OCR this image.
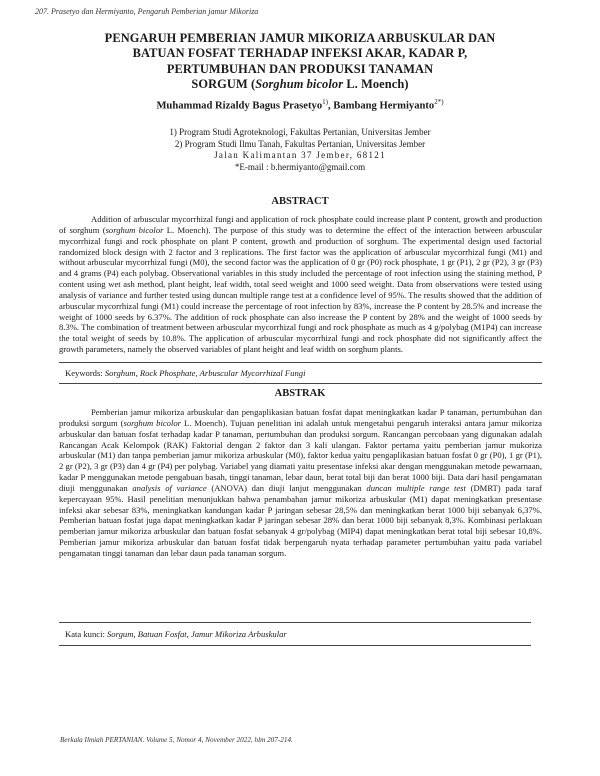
207. Prasetyo dan Hermiyanto, Pengaruh Pemberian jamur Mikoriza
PENGARUH PEMBERIAN JAMUR MIKORIZA ARBUSKULAR DAN
BATUAN FOSFAT TERHADAP INFEKSI AKAR, KADAR P,
PERTUMBUHAN DAN PRODUKSI TANAMAN
SORGUM (Sorghum bicolor L. Moench)
Muhammad Rizaldy Bagus Prasetyo$^{1)}$, Bambang Hermiyanto$^{2*)}$
1) Program Studi Agroteknologi, Fakultas Pertanian, Universitas Jember
2) Program Studi Ilmu Tanah, Fakultas Pertanian, Universitas Jember
Jalan Kalimantan 37 Jember, 68121
*E-mail : b.hermiyanto@gmail.com
ABSTRACT
Addition of arbuscular mycorrhizal fungi and application of rock phosphate could increase plant P content, growth and production of sorghum (sorghum bicolor L. Moench). The purpose of this study was to determine the effect of the interaction between arbuscular mycorrhizal fungi and rock phosphate on plant P content, growth and production of sorghum. The experimental design used factorial randomized block design with 2 factor and 3 replications. The first factor was the application of arbuscular mycorrhizal fungi (M1) and without arbuscular mycorrhizal fungi (M0), the second factor was the application of 0 gr (P0) rock phosphate, 1 gr (P1), 2 gr (P2), 3 gr (P3) and 4 grams (P4) each polybag. Observational variables in this study included the percentage of root infection using the staining method, P content using wet ash method, plant height, leaf width, total seed weight and 1000 seed weight. Data from observations were tested using analysis of variance and further tested using duncan multiple range test at a confidence level of 95%. The results showed that the addition of arbuscular mycorrhizal fungi (M1) could increase the percentage of root infection by 83%, increase the P content by 28.5% and increase the weight of 1000 seeds by 6.37%. The addition of rock phosphate can also increase the P content by 28% and the weight of 1000 seeds by 8.3%. The combination of treatment between arbuscular mycorrhizal fungi and rock phosphate as much as 4 g/polybag (M1P4) can increase the total weight of seeds by 10.8%. The application of arbuscular mycorrhizal fungi and rock phosphate did not significantly affect the growth parameters, namely the observed variables of plant height and leaf width on sorghum plants.
Keywords: Sorghum, Rock Phosphate, Arbuscular Mycorrhizal Fungi
ABSTRAK
Pemberian jamur mikoriza arbuskular dan pengaplikasian batuan fosfat dapat meningkatkan kadar P tanaman, pertumbuhan dan produksi sorgum (sorghum bicolor L. Moench). Tujuan penelitian ini adalah untuk mengetahui pengaruh interaksi antara jamur mikoriza arbuskular dan batuan fosfat terhadap kadar P tanaman, pertumbuhan dan produksi sorgum. Rancangan percobaan yang digunakan adalah Rancangan Acak Kelompok (RAK) Faktorial dengan 2 faktor dan 3 kali ulangan. Faktor pertama yaitu pemberian jamur mukoriza arbuskular (M1) dan tanpa pemberian jamur mikoriza arbuskular (M0), faktor kedua yaitu pengaplikasian batuan fosfat 0 gr (P0), 1 gr (P1), 2 gr (P2), 3 gr (P3) dan 4 gr (P4) per polybag. Variabel yang diamati yaitu presentase infeksi akar dengan menggunakan metode pewarnaan, kadar P menggunakan metode pengabuan basah, tinggi tanaman, lebar daun, berat total biji dan berat 1000 biji. Data dari hasil pengamatan diuji menggunakan analysis of variance (ANOVA) dan diuji lanjut menggunakan duncan multiple range test (DMRT) pada taraf kepercayaan 95%. Hasil penelitian menunjukkan bahwa penambahan jamur mikoriza arbuskular (M1) dapat meningkatkan presentase infeksi akar sebesar 83%, meningkatkan kandungan kadar P jaringan sebesar 28,5% dan meningkatkan berat 1000 biji sebanyak 6,37%. Pemberian batuan fosfat juga dapat meningkatkan kadar P jaringan sebesar 28% dan berat 1000 biji sebanyak 8,3%. Kombinasi perlakuan pemberian jamur mikoriza arbuskular dan batuan fosfat sebanyak 4 gr/polybag (MIP4) dapat meningkatkan berat total biji sebesar 10,8%. Pemberian jamur mikoriza arbuskular dan batuan fosfat tidak berpengaruh nyata terhadap parameter pertumbuhan yaitu pada variabel pengamatan tinggi tanaman dan lebar daun pada tanaman sorgum.
Kata kunci: Sorgum, Batuan Fosfat, Jamur Mikoriza Arbuskular
Berkala Ilmiah PERTANIAN. Volume 5, Nomor 4, November 2022, hlm 207-214.
